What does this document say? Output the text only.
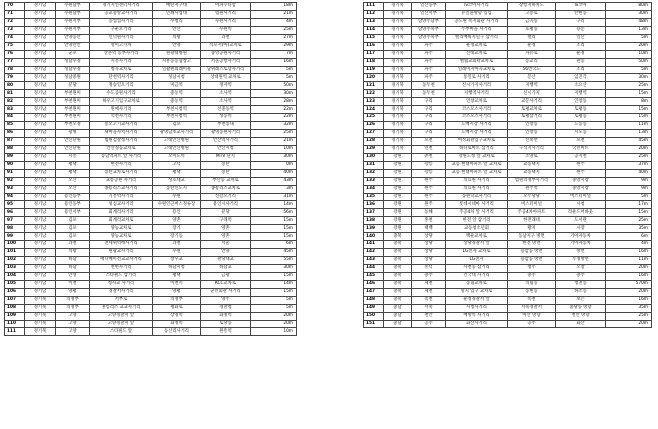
70	경기남	수원남부	경기지연센터사거리	매탄지구대	아파쿠타암	18m
71	경기남	수원남부	공교중앙교사거리	인쇄사업대	법원사거리	21m
72	경기남	수원서부	농업업사거리	수청리	수원사거리	4m
73	경기남	수원서부	구운오거리	안산	수원역	25m
74	경기남	안양동안	인덕원사거리	의왕	과천	27m
75	경기남	안양만안	성이고가차	안양	석포서(마)교차로	29m
76	경기남	군포	산본역 동부사거리	원광대병원	중앙공원사거리	7m
77	경기남	성남수정	시흥사거리	시흥동농협창고	서울공항사거리	16m
78	경기남	성남수정	청곡교차로	일괄편외레이블	남위레스토랑사거리	5m
79	경기남	성남중원	단천역사거리	성남시청	상대원역 교차로	5m
80	경기남	분당	정승일오거리	미금역	정자역	50m
81	경기남	부천원미	수도공원사거리	중동역	소사역	30m
82	경기남	부천원미	하우고기입구교차로	중동역	소사역	28m
83	경기남	부천원미	원예사거리	부천시청역	신중동역	22m
84	경기남	부천원미	석천사거리	부천시청역	성동역	22m
85	경기남	부천오정	봉오고기교사거리	김포	부천송내	32m
86	경기남	광명	새마을사치사거리	광명남초교사거리	광명동원사거리	25m
87	경기남	안산단원	범원검찰청사거리	고대안산병원	안산역사거리	21m
88	경기남	안산단원	안산정동교차로	고대안산병원	안산시청	10m
89	경기남	시흥	동남역파트 앞 사거리	오이도역	MTV 단지	30m
90	경기남	평택	한전사거리	고덕	송탄	0m
91	경기남	평택	송탄교차로사거리	평택	송탄	40m
92	경기남	오산	교통공원 사거리	성호대교	부산동 교차로	43m
93	경기남	오산	종룡리스교사거리	동탄신도시	종룡리스교차로	3m
94	경기남	용인동부	기흥역사거리	수원	신갈오거리	31m
95	경기남	용인동부	성심교사거리	수원인근버스정류장	용인시사거리	14m
96	경기남	용인서부	회계리사거리	용인	분당	56m
97	경기남	김포	회계리교차로	양촌	구래역	15m
98	경기남	김포	양능교차로	장기	양촌	15m
99	경기남	김포	양능교차로	장기동	양촌	15m
100	경기남	과천	전세위역에사거리	과천	서울	6m
101	경기남	의왕	원광교사거리	수원	안양	45m
102	경기남	하남	애니메이션교교사거리	창우교	팔당대교	55m
103	경기남	하남	천현사거리	하남시청	하남교	30m
104	경기남	안성	스타필드 삼거리	평택	금광	15m
105	경기남	이천	청사교 사거리	이천시	KCC교차로	14m
106	경기남	양평	경찰서사거리	양평	군민회관 사거리	15m
107	경기북	의정부	서부로	의정부	양주	5m
108	경기북	의정부	홍릉리스 교교사거리	평화로	경찰청	5m
109	경기북	고양	고양경찰서 앞	장영역	화정역	20m
110	경기북	고양	고양경찰서 앞	화정역	토당동	20m
111	경기북	고양	스타필드 앞	동산리사거리	원흥역	10m
111	경기북	일산동부	Iv코아사거리	장항지하차도	Iv코아	80m
112	경기북	일산서부	유일윤방향 입입	고봉로	탄현동	30m
113	경기북	남양주남부	공도원 복지회관 사거리	금곡동	구리	48m
114	경기북	남양주북부	두부마을 사거리	호평동	용문	13m
115	경기북	남양주북부	밸리배워지밀구 삼거리	밸리	일산	5m
116	경기북	파주	운정교차로	운정	조리	20m
117	경기북	파주	신대교차로	자유로	운정	10m
118	경기북	파주	벨랩교외곽교차로	동교리	관동	50m
119	경기북	파주	일레이지마곡교차로	56번국도	조리	5m
120	경기북	파주	통일로 사거리	문산	임진각	30m
121	경기북	동두천	신시가지사거리	지행역	소요산	25m
122	경기북	동두천	지행역사거리	신시가지	지행역	15m
123	경기북	구리	인창교차로	교문사거리	인창동	8m
124	경기북	구리	코스모스사거리	토평교차로	토평동	15m
125	경기북	구리	코스모스사거리	토평삼거리	토평동	15m
126	경기북	구리	도매시장 사거리	인창동	도농동	11m
127	경기북	구리	도매시장 사거리	인창동	시노동	13m
128	경기북	포천	여성회관입구교차로	신북면	포천	45m
129	경기북	연천	하나로마트 삼거리	구석지사거리	국민마트	20m
130	강원	춘천	강원도청 앞 교차로	소양로	공지천	25m
131	강원	강릉	교동 현대아파트 앞 교차로	교동택지	원주	37m
132	강원	강릉	교동 현대아파트 앞 교차로	교동택지	원주	40m
133	강원	원주	의료원 사거리	법원의정부사거리	중앙시장	9m
134	강원	원주	의료원 사거리	원주역	중앙시장	9m
135	강원	원주	동원학교사거리	모두당당	버스터미널	5m
136	강원	원주	롯데시네마 사거리	버스터미널	시청	17m
137	강원	동해	주공4차 앞 사거리	주공4차아파트	라운드어바웃	15m
138	강원	홍천	한전 앞 삼거리	한전래네	도서관	25m
139	강원	태백	교동청소년회	황지	시장	35m
140	충북	상당	백운교차로	동남지구 방면	기아자동차	6m
141	충북	상당	상당경찰서 앞	한전 방면	기아자동차	4m
142	충북	상당	LG전자 교차로	용암동 방면	방면	16m
143	충북	상당	LG전자	용암동 방면	두정방면	11m
144	충북	흥덕	사천동 삼거리	청주	오창	20m
145	충북	충주	건국대 사거리	충주	충주	16m
146	충북	제천	농협교차로	의림동	청전동	570m
147	충북	제천	명지 입구 교차로	동현동	하소동	20m
148	충북	옥천	운정경찰서 앞	옥천	보은	16m
149	충남	서북	시청사거리	서북경찰서	불당동 방향	35m
150	충남	천안	배방역 사거리	아산 방향	천안 방향	25m
151	충남	공주	화산사거리	공주	화산	20m
